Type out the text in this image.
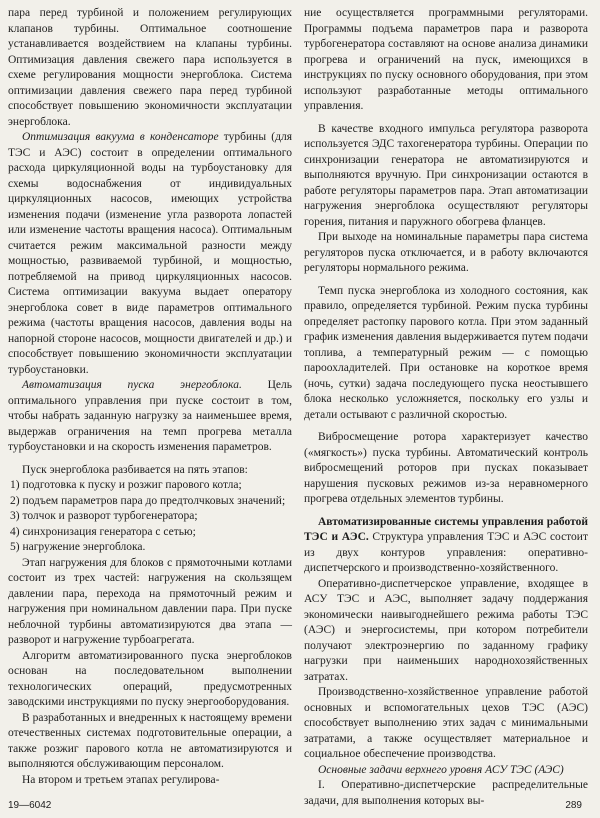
пара перед турбиной и положением регулирующих клапанов турбины. Оптимальное соотношение устанавливается воздействием на клапаны турбины. Оптимизация давления свежего пара используется в схеме регулирования мощности энергоблока. Система оптимизации давления свежего пара перед турбиной способствует повышению экономичности эксплуатации энергоблока.

Оптимизация вакуума в конденсаторе турбины (для ТЭС и АЭС) состоит в определении оптимального расхода циркуляционной воды на турбоустановку для схемы водоснабжения от индивидуальных циркуляционных насосов, имеющих устройства изменения подачи (изменение угла разворота лопастей или изменение частоты вращения насоса). Оптимальным считается режим максимальной разности между мощностью, развиваемой турбиной, и мощностью, потребляемой на привод циркуляционных насосов. Система оптимизации вакуума выдает оператору энергоблока совет в виде параметров оптимального режима (частоты вращения насосов, давления воды на напорной стороне насосов, мощности двигателей и др.) и способствует повышению экономичности эксплуатации турбоустановки.

Автоматизация пуска энергоблока. Цель оптимального управления при пуске состоит в том, чтобы набрать заданную нагрузку за наименьшее время, выдержав ограничения на темп прогрева металла турбоустановки и на скорость изменения параметров.

Пуск энергоблока разбивается на пять этапов:

1) подготовка к пуску и розжиг парового котла;

2) подъем параметров пара до предтолчковых значений;

3) толчок и разворот турбогенератора;

4) синхронизация генератора с сетью;

5) нагружение энергоблока.

Этап нагружения для блоков с прямоточными котлами состоит из трех частей: нагружения на скользящем давлении пара, перехода на прямоточный режим и нагружения при номинальном давлении пара. При пуске неблочной турбины автоматизируются два этапа — разворот и нагружение турбоагрегата.

Алгоритм автоматизированного пуска энергоблоков основан на последовательном выполнении технологических операций, предусмотренных заводскими инструкциями по пуску энергооборудования.

В разработанных и внедренных к настоящему времени отечественных системах подготовительные операции, а также розжиг парового котла не автоматизируются и выполняются обслуживающим персоналом.

На втором и третьем этапах регулирова-

ние осуществляется программными регуляторами. Программы подъема параметров пара и разворота турбогенератора составляют на основе анализа динамики прогрева и ограничений на пуск, имеющихся в инструкциях по пуску основного оборудования, при этом используют разработанные методы оптимального управления.

В качестве входного импульса регулятора разворота используется ЭДС тахогенератора турбины. Операции по синхронизации генератора не автоматизируются и выполняются вручную. При синхронизации остаются в работе регуляторы параметров пара. Этап автоматизации нагружения энергоблока осуществляют регуляторы горения, питания и паружного обогрева фланцев.

При выходе на номинальные параметры пара система регуляторов пуска отключается, и в работу включаются регуляторы нормального режима.

Темп пуска энергоблока из холодного состояния, как правило, определяется турбиной. Режим пуска турбины определяет растопку парового котла. При этом заданный график изменения давления выдерживается путем подачи топлива, а температурный режим — с помощью пароохладителей. При остановке на короткое время (ночь, сутки) задача последующего пуска неостывшего блока несколько усложняется, поскольку его узлы и детали остывают с различной скоростью.

Вибросмещение ротора характеризует качество («мягкость») пуска турбины. Автоматический контроль вибросмещений роторов при пусках показывает нарушения пусковых режимов из-за неравномерного прогрева отдельных элементов турбины.

Автоматизированные системы управления работой ТЭС и АЭС. Структура управления ТЭС и АЭС состоит из двух контуров управления: оперативно-диспетчерского и производственно-хозяйственного.

Оперативно-диспетчерское управление, входящее в АСУ ТЭС и АЭС, выполняет задачу поддержания экономически наивыгоднейшего режима работы ТЭС (АЭС) и энергосистемы, при котором потребители получают электроэнергию по заданному графику нагрузки при наименьших народнохозяйственных затратах.

Производственно-хозяйственное управление работой основных и вспомогательных цехов ТЭС (АЭС) способствует выполнению этих задач с минимальными затратами, а также осуществляет материальное и социальное обеспечение производства.

Основные задачи верхнего уровня АСУ ТЭС (АЭС)

I. Оперативно-диспетчерские распределительные задачи, для выполнения которых вы-

19—6042	289
